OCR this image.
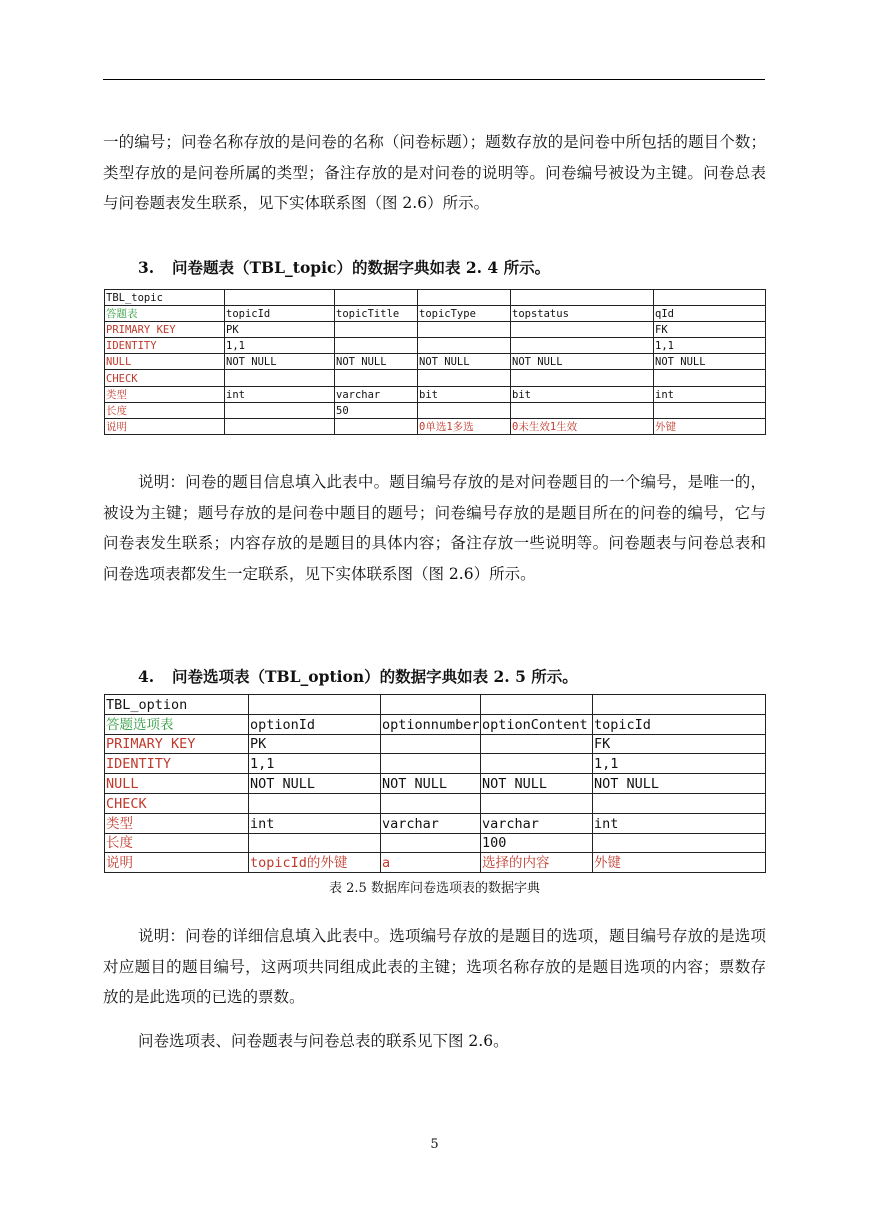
一的编号；问卷名称存放的是问卷的名称（问卷标题）；题数存放的是问卷中所包括的题目个数；类型存放的是问卷所属的类型；备注存放的是对问卷的说明等。问卷编号被设为主键。问卷总表与问卷题表发生联系，见下实体联系图（图 2.6）所示。

3. 问卷题表（TBL_topic）的数据字典如表 2. 4 所示。
TBL_topic					
答题表	topicId	topicTitle	topicType	topstatus	qId
PRIMARY KEY	PK				FK
IDENTITY	1,1				1,1
NULL	NOT NULL	NOT NULL	NOT NULL	NOT NULL	NOT NULL
CHECK					
类型	int	varchar	bit	bit	int
长度		50			
说明			0单选1多选	0未生效1生效	外键

说明：问卷的题目信息填入此表中。题目编号存放的是对问卷题目的一个编号，是唯一的，被设为主键；题号存放的是问卷中题目的题号；问卷编号存放的是题目所在的问卷的编号，它与问卷表发生联系；内容存放的是题目的具体内容；备注存放一些说明等。问卷题表与问卷总表和问卷选项表都发生一定联系，见下实体联系图（图 2.6）所示。

4. 问卷选项表（TBL_option）的数据字典如表 2. 5 所示。
TBL_option				
答题选项表	optionId	optionnumber	optionContent	topicId
PRIMARY KEY	PK			FK
IDENTITY	1,1			1,1
NULL	NOT NULL	NOT NULL	NOT NULL	NOT NULL
CHECK				
类型	int	varchar	varchar	int
长度			100	
说明	topicId的外键	a	选择的内容	外键
表 2.5 数据库问卷选项表的数据字典

说明：问卷的详细信息填入此表中。选项编号存放的是题目的选项，题目编号存放的是选项对应题目的题目编号，这两项共同组成此表的主键；选项名称存放的是题目选项的内容；票数存放的是此选项的已选的票数。

问卷选项表、问卷题表与问卷总表的联系见下图 2.6。

5
